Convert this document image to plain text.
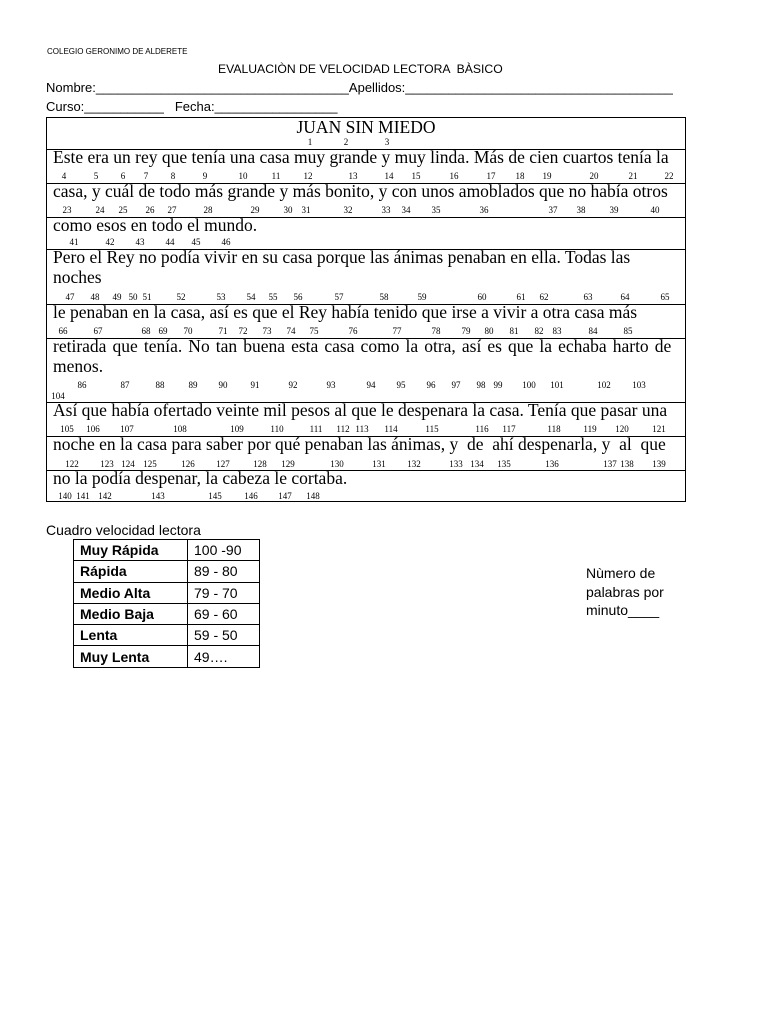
COLEGIO GERONIMO DE ALDERETE
EVALUACIÒN DE VELOCIDAD LECTORA  BÀSICO
Nombre: ___________________________________ Apellidos: _____________________________________
Curso: ___________ Fecha: _________________
JUAN SIN MIEDO
1	2	3
Este era un rey que tenía una casa muy grande y muy linda. Más de cien cuartos tenía la
4	5	6 7	8	9	10	11	12	13	14 15	16	17 18 19	20	21	22
casa, y cuál de todo más grande y más bonito, y con unos amoblados que no había otros
23	24 25 26 27	28	29	30 31	32	33 34 35	36	37 38	39	40
como esos en todo el mundo.
41	42 43 44 45 46
Pero el Rey no podía vivir en su casa porque las ánimas penaban en ella. Todas las
noches
47 48 49 50 51	52	53 54 55 56	57	58	59	60	61 62	63	64	65
le penaban en la casa, así es que el Rey había tenido que irse a vivir a otra casa más
66	67	68 69 70	71 72 73 74 75	76	77	78 79 80 81 82 83	84	85
retirada que tenía. No tan buena esta casa como la otra, así es que la echaba harto de
menos.
86	87	88	89 90	91	92	93	94 95 96 97 98 99 100 101	102 103
104
Así que había ofertado veinte mil pesos al que le despenara la casa. Tenía que pasar una
105 106 107	108	109	110	111 112 113 114	115	116 117	118	119 120	121
noche en la casa para saber por qué penaban las ánimas, y  de  ahí despenarla, y  al  que
122 123 124 125	126 127	128 129	130	131 132	133 134 135	136	137 138 139
no la podía despenar, la cabeza le cortaba.
140 141 142	143	145	146 147 148
Cuadro velocidad lectora
Muy Rápida	100 -90
Rápida	89 - 80
Medio Alta	79 - 70
Medio Baja	69 - 60
Lenta	59 - 50
Muy Lenta	49….
Nùmero de palabras por minuto____
